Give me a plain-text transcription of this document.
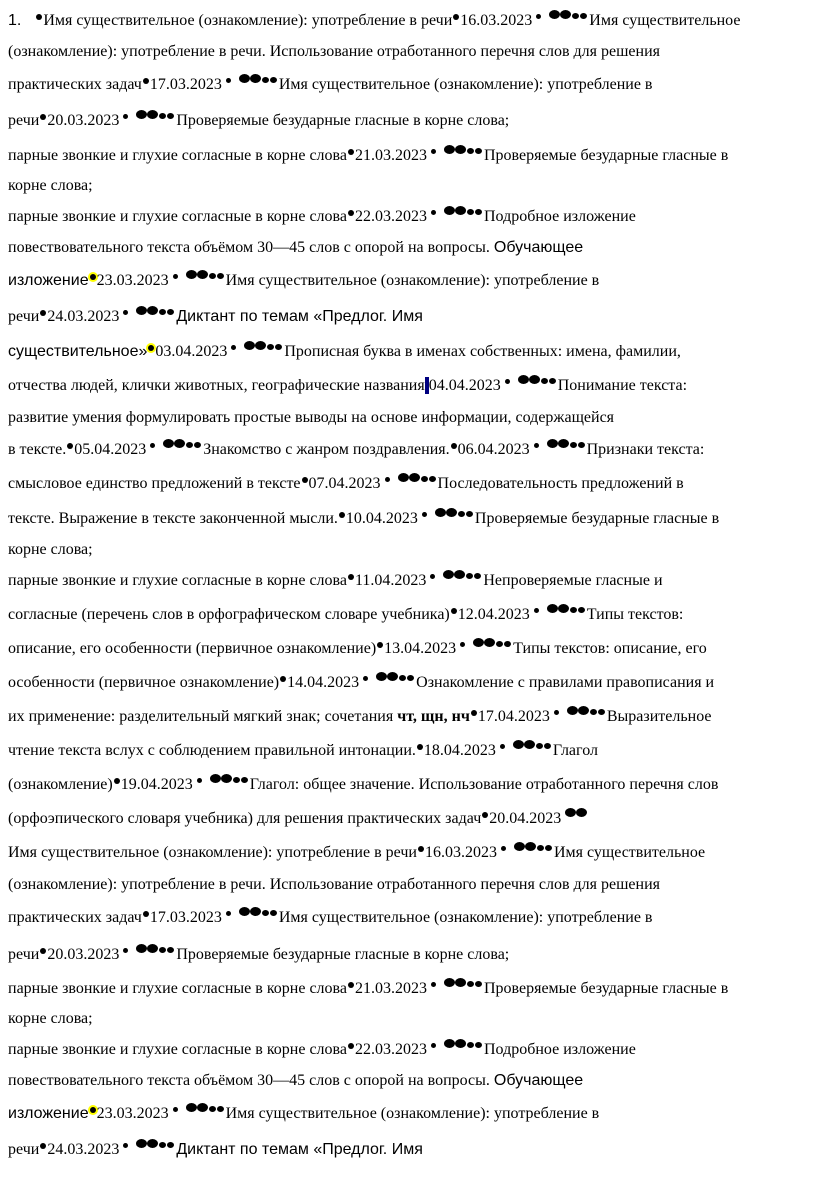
1. Имя существительное (ознакомление): употребление в речи 16.03.2023	Имя существительное
(ознакомление): употребление в речи. Использование отработанного перечня слов для решения
практических задач 17.03.2023	Имя существительное (ознакомление): употребление в
речи 20.03.2023	Проверяемые безударные гласные в корне слова;
парные звонкие и глухие согласные в корне слова 21.03.2023	Проверяемые безударные гласные в
корне слова;
парные звонкие и глухие согласные в корне слова 22.03.2023	Подробное изложение
повествовательного текста объёмом 30—45 слов с опорой на вопросы. Обучающее
изложение 23.03.2023	Имя существительное (ознакомление): употребление в
речи 24.03.2023	Диктант по темам «Предлог. Имя
существительное» 03.04.2023	Прописная буква в именах собственных: имена, фамилии,
отчества людей, клички животных, географические названия 04.04.2023	Понимание текста:
развитие умения формулировать простые выводы на основе информации, содержащейся
в тексте. 05.04.2023	Знакомство с жанром поздравления. 06.04.2023	Признаки текста:
смысловое единство предложений в тексте 07.04.2023	Последовательность предложений в
тексте. Выражение в тексте законченной мысли. 10.04.2023	Проверяемые безударные гласные в
корне слова;
парные звонкие и глухие согласные в корне слова 11.04.2023	Непроверяемые гласные и
согласные (перечень слов в орфографическом словаре учебника) 12.04.2023	Типы текстов:
описание, его особенности (первичное ознакомление) 13.04.2023	Типы текстов: описание, его
особенности (первичное ознакомление) 14.04.2023	Ознакомление с правилами правописания и
их применение: разделительный мягкий знак; сочетания чт, щн, нч 17.04.2023	Выразительное
чтение текста вслух с соблюдением правильной интонации. 18.04.2023	Глагол
(ознакомление) 19.04.2023	Глагол: общее значение. Использование отработанного перечня слов
(орфоэпического словаря учебника) для решения практических задач 20.04.2023
Имя существительное (ознакомление): употребление в речи 16.03.2023	Имя существительное
(ознакомление): употребление в речи. Использование отработанного перечня слов для решения
практических задач 17.03.2023	Имя существительное (ознакомление): употребление в
речи 20.03.2023	Проверяемые безударные гласные в корне слова;
парные звонкие и глухие согласные в корне слова 21.03.2023	Проверяемые безударные гласные в
корне слова;
парные звонкие и глухие согласные в корне слова 22.03.2023	Подробное изложение
повествовательного текста объёмом 30—45 слов с опорой на вопросы. Обучающее
изложение 23.03.2023	Имя существительное (ознакомление): употребление в
речи 24.03.2023	Диктант по темам «Предлог. Имя
